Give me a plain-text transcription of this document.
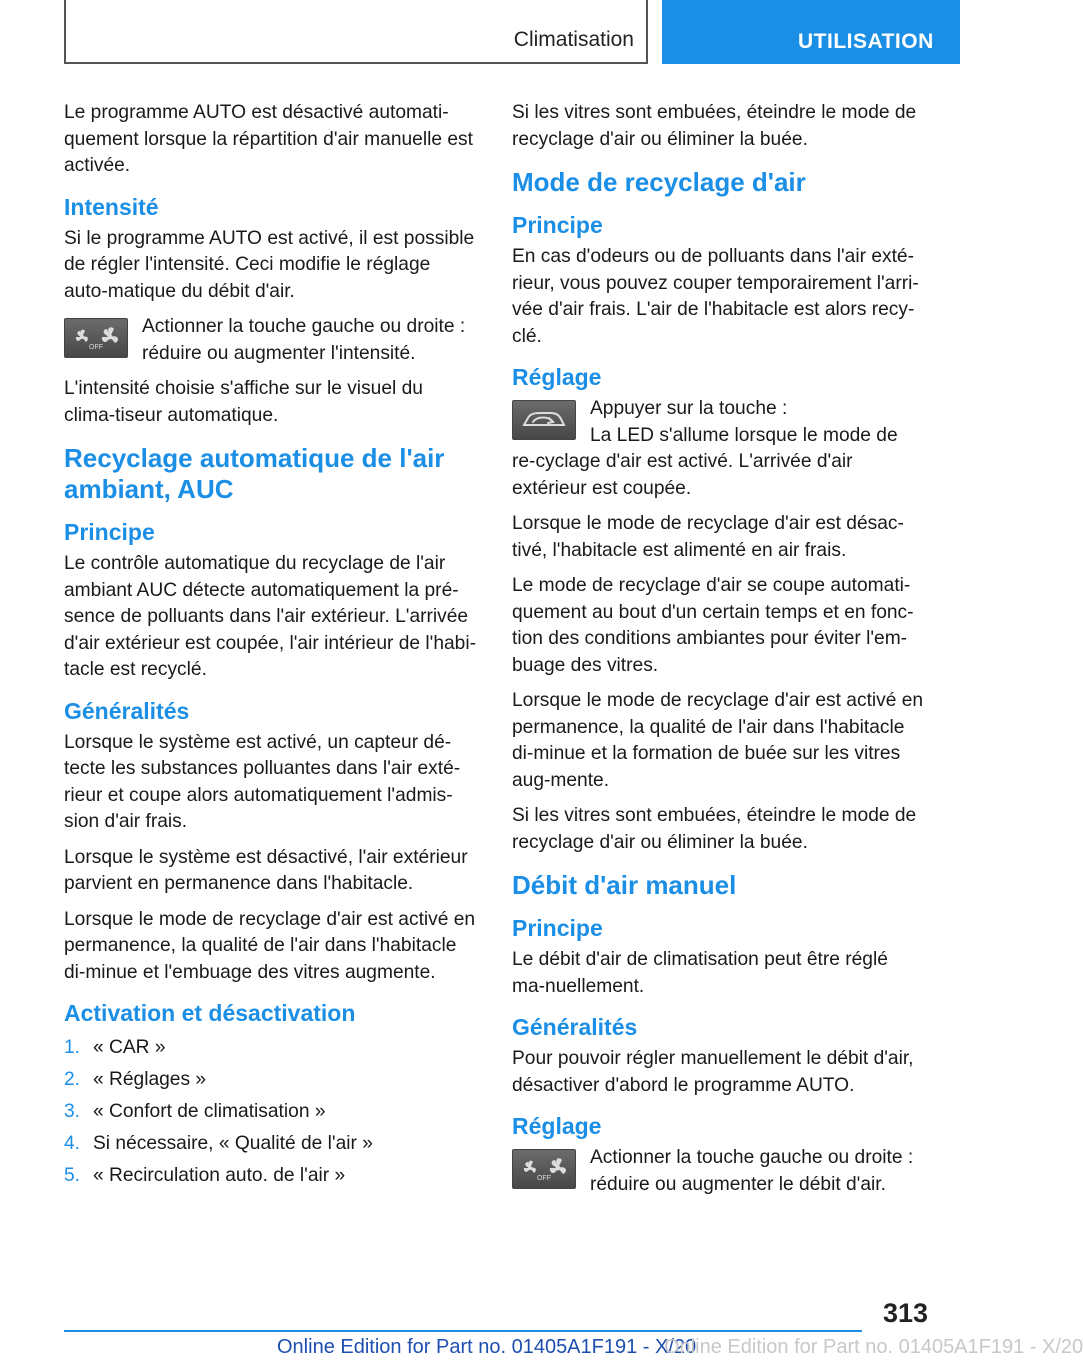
Climatisation	UTILISATION

Le programme AUTO est désactivé automati-quement lorsque la répartition d'air manuelle est activée.

Intensité

Si le programme AUTO est activé, il est possible de régler l'intensité. Ceci modifie le réglage auto-matique du débit d'air.

OFF

Actionner la touche gauche ou droite : réduire ou augmenter l'intensité.

L'intensité choisie s'affiche sur le visuel du clima-tiseur automatique.

Recyclage automatique de l'air ambiant, AUC
Principe

Le contrôle automatique du recyclage de l'air ambiant AUC détecte automatiquement la pré-sence de polluants dans l'air extérieur. L'arrivée d'air extérieur est coupée, l'air intérieur de l'habi-tacle est recyclé.

Généralités

Lorsque le système est activé, un capteur dé-tecte les substances polluantes dans l'air exté-rieur et coupe alors automatiquement l'admis-sion d'air frais.

Lorsque le système est désactivé, l'air extérieur parvient en permanence dans l'habitacle.

Lorsque le mode de recyclage d'air est activé en permanence, la qualité de l'air dans l'habitacle di-minue et l'embuage des vitres augmente.

Activation et désactivation
1. « CAR »
2. « Réglages »
3. « Confort de climatisation »
4. Si nécessaire, « Qualité de l'air »
5. « Recirculation auto. de l'air »

Si les vitres sont embuées, éteindre le mode de recyclage d'air ou éliminer la buée.

Mode de recyclage d'air
Principe

En cas d'odeurs ou de polluants dans l'air exté-rieur, vous pouvez couper temporairement l'arri-vée d'air frais. L'air de l'habitacle est alors recy-clé.

Réglage

Appuyer sur la touche :

La LED s'allume lorsque le mode de re-cyclage d'air est activé. L'arrivée d'air extérieur est coupée.

Lorsque le mode de recyclage d'air est désac-tivé, l'habitacle est alimenté en air frais.

Le mode de recyclage d'air se coupe automati-quement au bout d'un certain temps et en fonc-tion des conditions ambiantes pour éviter l'em-buage des vitres.

Lorsque le mode de recyclage d'air est activé en permanence, la qualité de l'air dans l'habitacle di-minue et la formation de buée sur les vitres aug-mente.

Si les vitres sont embuées, éteindre le mode de recyclage d'air ou éliminer la buée.

Débit d'air manuel
Principe

Le débit d'air de climatisation peut être réglé ma-nuellement.

Généralités

Pour pouvoir régler manuellement le débit d'air, désactiver d'abord le programme AUTO.

Réglage
OFF

Actionner la touche gauche ou droite : réduire ou augmenter le débit d'air.

313
Online Edition for Part no. 01405A1F191 - X/20
Online Edition for Part no. 01405A1F191 - X/20
